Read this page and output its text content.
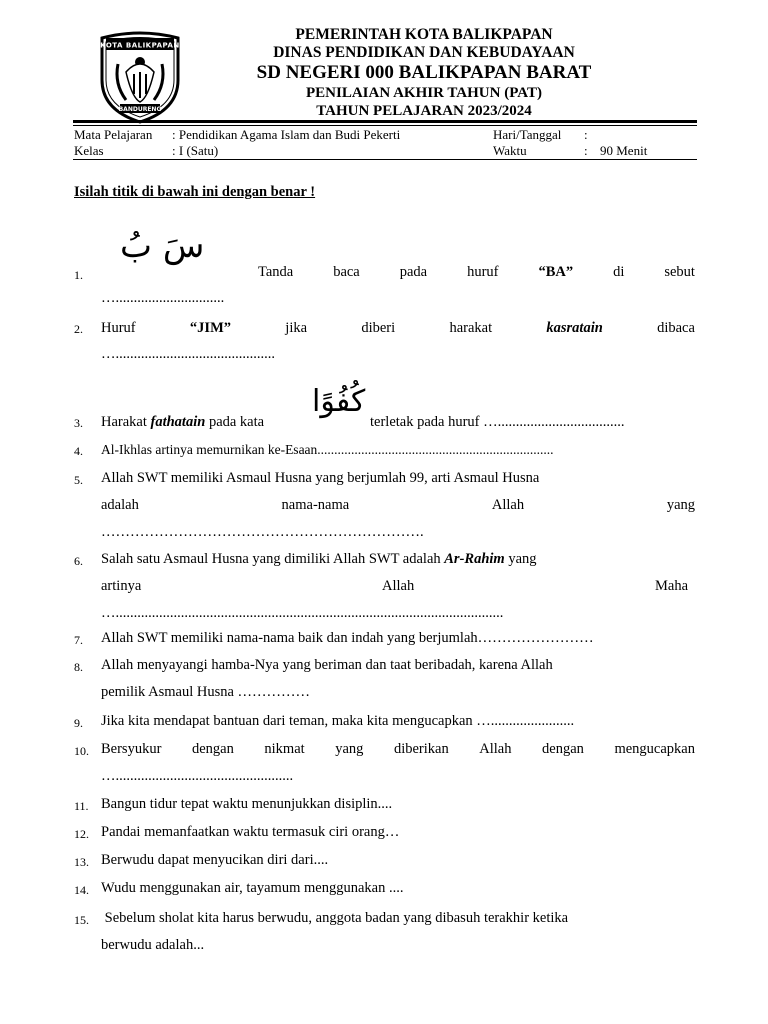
KOTA BALIKPAPAN
BANDURENG
PEMERINTAH KOTA BALIKPAPAN
DINAS PENDIDIKAN DAN KEBUDAYAAN
SD NEGERI 000 BALIKPAPAN BARAT
PENILAIAN AKHIR TAHUN (PAT)
TAHUN PELAJARAN 2023/2024
Mata Pelajaran : Pendidikan Agama Islam dan Budi Pekerti	Hari/Tanggal :
Kelas	: I (Satu)	Waktu	: 90 Menit
Isilah titik di bawah ini dengan benar !
سَ بُ
1.	Tanda	baca	pada	huruf	“BA”	di	sebut
…..............................
2. Huruf	“JIM”	jika	diberi	harakat	kasratain	dibaca
…............................................
3. Harakat fathatain pada kata
كُفُوًا
terletak pada huruf …...................................
4. Al-Ikhlas artinya memurnikan ke-Esaan......................................................................
5. Allah SWT memiliki Asmaul Husna yang berjumlah 99, arti Asmaul Husna
adalah	nama-nama	Allah	yang
………………………………………………………….
6. Salah satu Asmaul Husna yang dimiliki Allah SWT adalah Ar-Rahim yang
artinya	Allah	Maha
…...........................................................................................................
7. Allah SWT memiliki nama-nama baik dan indah yang berjumlah……………………
8. Allah menyayangi hamba-Nya yang beriman dan taat beribadah, karena Allah
pemilik Asmaul Husna ……………
9. Jika kita mendapat bantuan dari teman, maka kita mengucapkan ….......................
10. Bersyukur dengan nikmat yang diberikan Allah dengan mengucapkan
….................................................
11. Bangun tidur tepat waktu menunjukkan disiplin....
12. Pandai memanfaatkan waktu termasuk ciri orang…
13. Berwudu dapat menyucikan diri dari....
14. Wudu menggunakan air, tayamum menggunakan ....
15. Sebelum sholat kita harus berwudu, anggota badan yang dibasuh terakhir ketika
berwudu adalah...
